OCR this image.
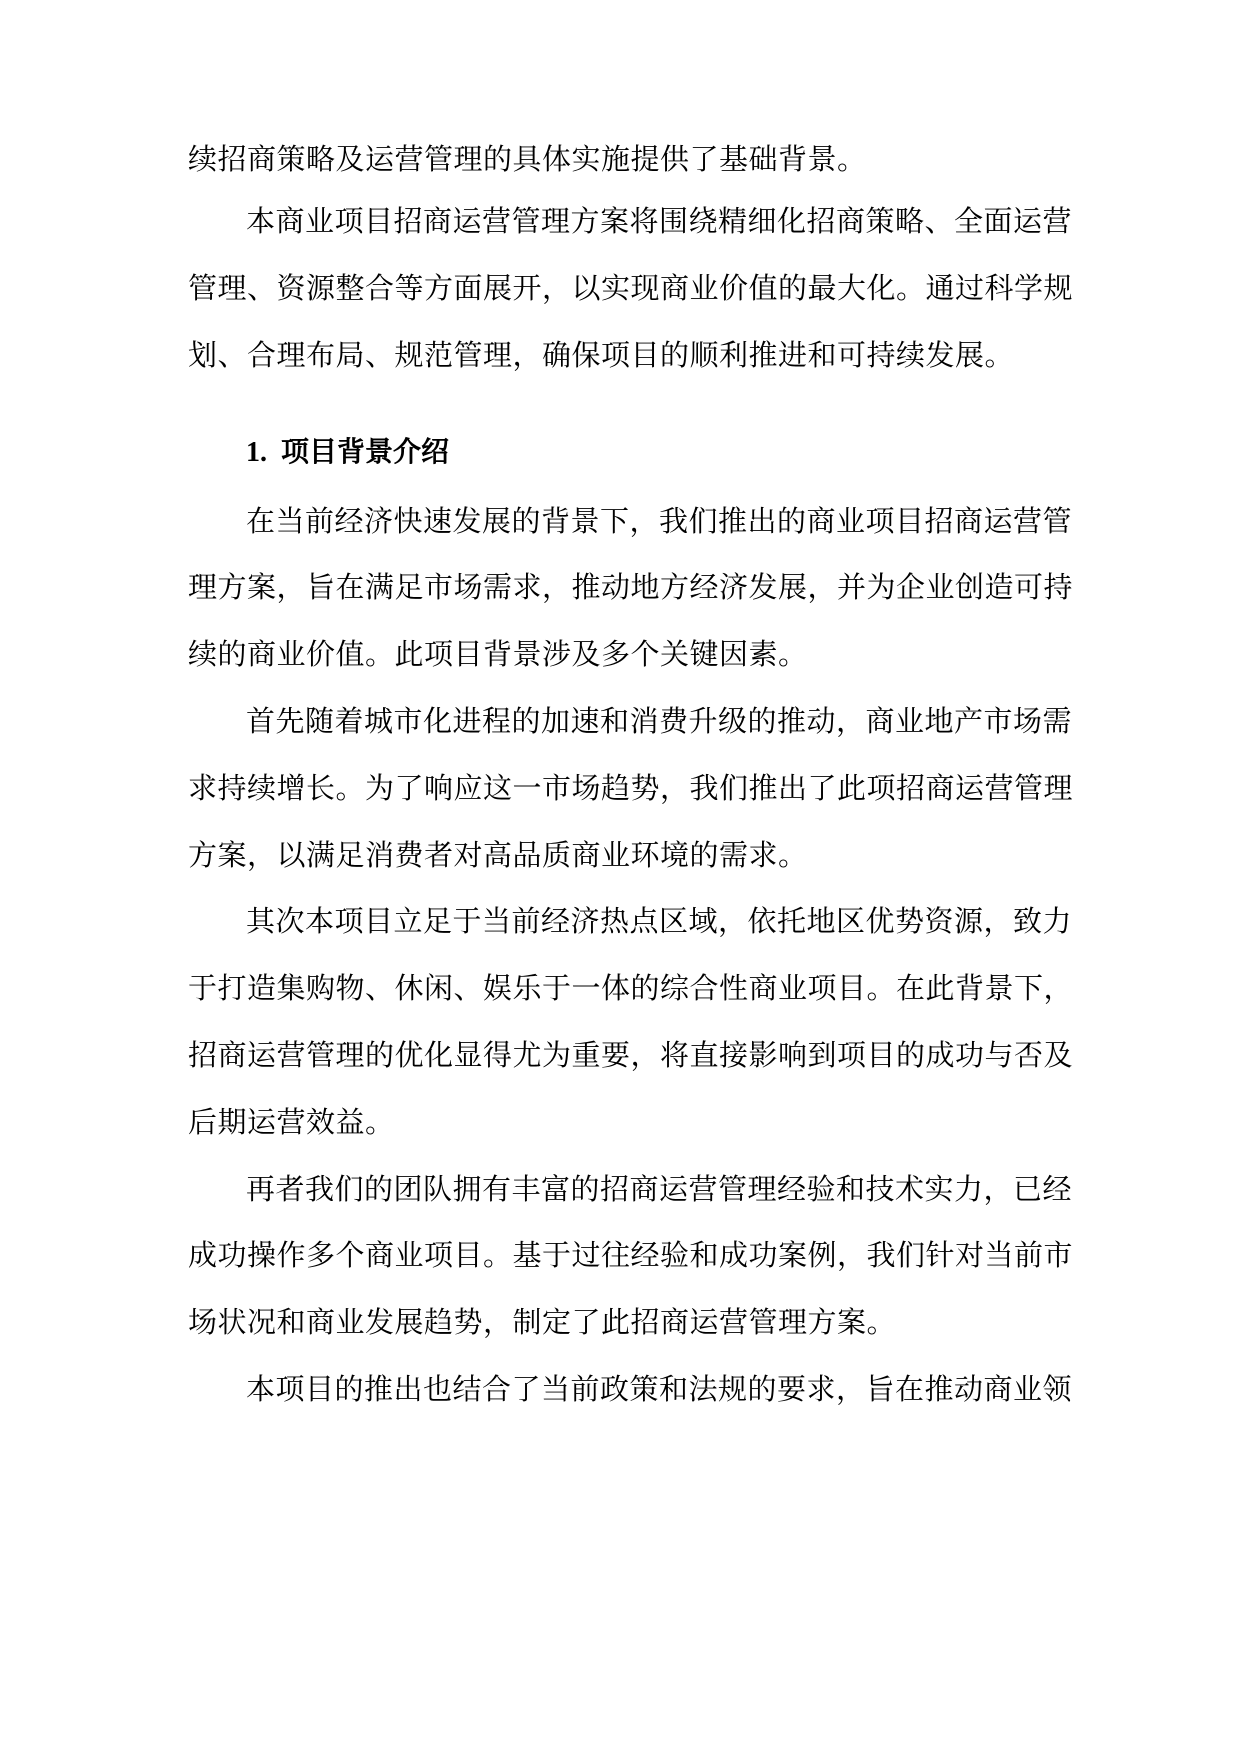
续招商策略及运营管理的具体实施提供了基础背景。
本商业项目招商运营管理方案将围绕精细化招商策略、全面运营
管理、资源整合等方面展开，以实现商业价值的最大化。通过科学规
划、合理布局、规范管理，确保项目的顺利推进和可持续发展。
1. 项目背景介绍
在当前经济快速发展的背景下，我们推出的商业项目招商运营管
理方案，旨在满足市场需求，推动地方经济发展，并为企业创造可持
续的商业价值。此项目背景涉及多个关键因素。
首先随着城市化进程的加速和消费升级的推动，商业地产市场需
求持续增长。为了响应这一市场趋势，我们推出了此项招商运营管理
方案，以满足消费者对高品质商业环境的需求。
其次本项目立足于当前经济热点区域，依托地区优势资源，致力
于打造集购物、休闲、娱乐于一体的综合性商业项目。在此背景下，
招商运营管理的优化显得尤为重要，将直接影响到项目的成功与否及
后期运营效益。
再者我们的团队拥有丰富的招商运营管理经验和技术实力，已经
成功操作多个商业项目。基于过往经验和成功案例，我们针对当前市
场状况和商业发展趋势，制定了此招商运营管理方案。
本项目的推出也结合了当前政策和法规的要求，旨在推动商业领
